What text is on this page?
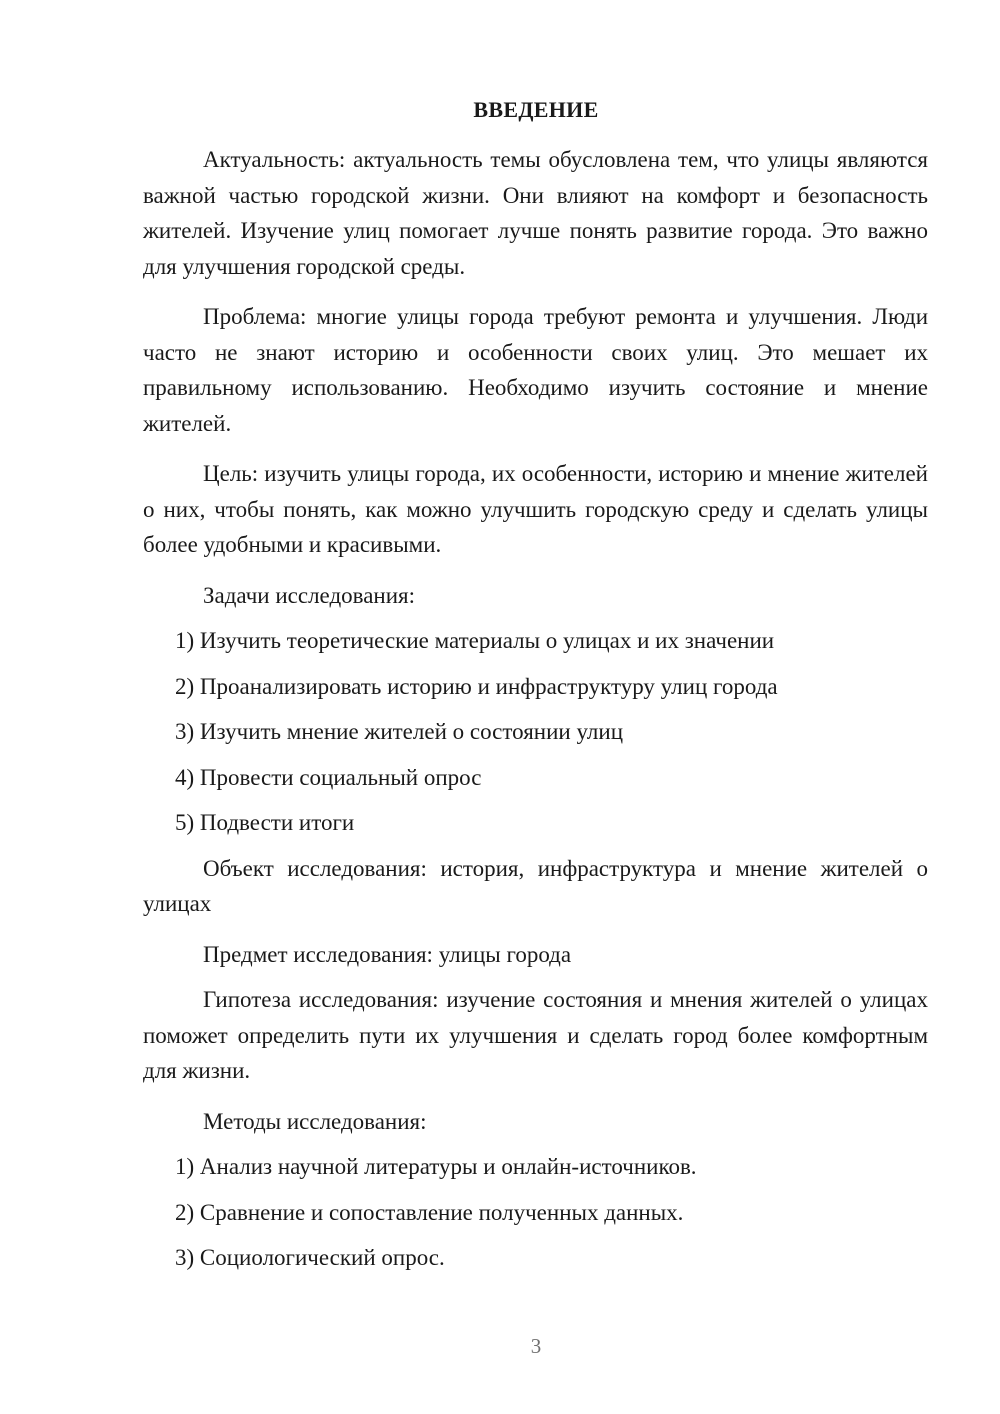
ВВЕДЕНИЕ

Актуальность: актуальность темы обусловлена тем, что улицы являются важной частью городской жизни. Они влияют на комфорт и безопасность жителей. Изучение улиц помогает лучше понять развитие города. Это важно для улучшения городской среды.

Проблема: многие улицы города требуют ремонта и улучшения. Люди часто не знают историю и особенности своих улиц. Это мешает их правильному использованию. Необходимо изучить состояние и мнение жителей.

Цель: изучить улицы города, их особенности, историю и мнение жителей о них, чтобы понять, как можно улучшить городскую среду и сделать улицы более удобными и красивыми.

Задачи исследования:

1) Изучить теоретические материалы о улицах и их значении

2) Проанализировать историю и инфраструктуру улиц города

3) Изучить мнение жителей о состоянии улиц

4) Провести социальный опрос

5) Подвести итоги

Объект исследования: история, инфраструктура и мнение жителей о улицах

Предмет исследования: улицы города

Гипотеза исследования: изучение состояния и мнения жителей о улицах поможет определить пути их улучшения и сделать город более комфортным для жизни.

Методы исследования:

1) Анализ научной литературы и онлайн-источников.

2) Сравнение и сопоставление полученных данных.

3) Социологический опрос.

3
